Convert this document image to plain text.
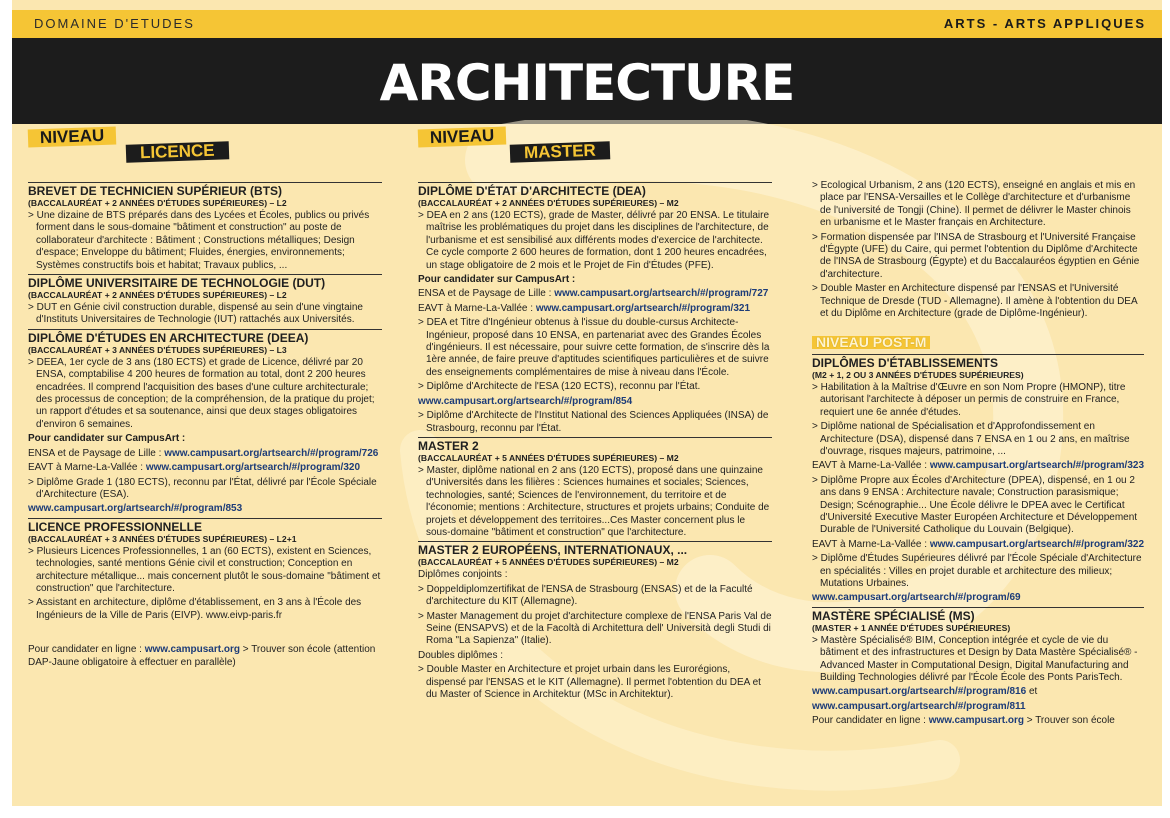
DOMAINE D'ETUDES	ARTS - ARTS APPLIQUES
ARCHITECTURE
NIVEAU
LICENCE
BREVET DE TECHNICIEN SUPÉRIEUR (BTS)
(BACCALAURÉAT + 2 ANNÉES D'ÉTUDES SUPÉRIEURES) – L2
> Une dizaine de BTS préparés dans des Lycées et Écoles, publics ou privés forment dans le sous-domaine "bâtiment et construction" au poste de collaborateur d'architecte : Bâtiment ; Constructions métalliques; Design d'espace; Enveloppe du bâtiment; Fluides, énergies, environnements; Systèmes constructifs bois et habitat; Travaux publics, ...
DIPLÔME UNIVERSITAIRE DE TECHNOLOGIE (DUT)
(BACCALAURÉAT + 2 ANNÉES D'ÉTUDES SUPÉRIEURES) – L2
> DUT en Génie civil construction durable, dispensé au sein d'une vingtaine d'Instituts Universitaires de Technologie (IUT) rattachés aux Universités.
DIPLÔME D'ÉTUDES EN ARCHITECTURE (DEEA)
(BACCALAURÉAT + 3 ANNÉES D'ÉTUDES SUPÉRIEURES) – L3
> DEEA, 1er cycle de 3 ans (180 ECTS) et grade de Licence, délivré par 20 ENSA, comptabilise 4 200 heures de formation au total, dont 2 200 heures encadrées. Il comprend l'acquisition des bases d'une culture architecturale; des processus de conception; de la compréhension, de la pratique du projet; un rapport d'études et sa soutenance, ainsi que deux stages obligatoires d'environ 6 semaines.
Pour candidater sur CampusArt :
ENSA et de Paysage de Lille : www.campusart.org/artsearch/#/program/726
EAVT à Marne-La-Vallée : www.campusart.org/artsearch/#/program/320
> Diplôme Grade 1 (180 ECTS), reconnu par l'État, délivré par l'École Spéciale d'Architecture (ESA).
www.campusart.org/artsearch/#/program/853
LICENCE PROFESSIONNELLE
(BACCALAURÉAT + 3 ANNÉES D'ÉTUDES SUPÉRIEURES) – L2+1
> Plusieurs Licences Professionnelles, 1 an (60 ECTS), existent en Sciences, technologies, santé mentions Génie civil et construction; Conception en architecture métallique... mais concernent plutôt le sous-domaine "bâtiment et construction" que l'architecture.
> Assistant en architecture, diplôme d'établissement, en 3 ans à l'École des Ingénieurs de la Ville de Paris (EIVP). www.eivp-paris.fr
Pour candidater en ligne : www.campusart.org > Trouver son école (attention DAP-Jaune obligatoire à effectuer en parallèle)
NIVEAU
MASTER
DIPLÔME D'ÉTAT D'ARCHITECTE (DEA)
(BACCALAURÉAT + 2 ANNÉES D'ÉTUDES SUPÉRIEURES) – M2
> DEA en 2 ans (120 ECTS), grade de Master, délivré par 20 ENSA. Le titulaire maîtrise les problématiques du projet dans les disciplines de l'architecture, de l'urbanisme et est sensibilisé aux différents modes d'exercice de l'architecte. Ce cycle comporte 2 600 heures de formation, dont 1 200 heures encadrées, un stage obligatoire de 2 mois et le Projet de Fin d'Études (PFE).
Pour candidater sur CampusArt :
ENSA et de Paysage de Lille : www.campusart.org/artsearch/#/program/727
EAVT à Marne-La-Vallée : www.campusart.org/artsearch/#/program/321
> DEA et Titre d'Ingénieur obtenus à l'issue du double-cursus Architecte-Ingénieur, proposé dans 10 ENSA, en partenariat avec des Grandes Écoles d'ingénieurs. Il est nécessaire, pour suivre cette formation, de s'inscrire dès la 1ère année, de faire preuve d'aptitudes scientifiques particulières et de suivre des enseignements complémentaires de mise à niveau dans l'École.
> Diplôme d'Architecte de l'ESA (120 ECTS), reconnu par l'État.
www.campusart.org/artsearch/#/program/854
> Diplôme d'Architecte de l'Institut National des Sciences Appliquées (INSA) de Strasbourg, reconnu par l'État.
MASTER 2
(BACCALAURÉAT + 5 ANNÉES D'ÉTUDES SUPÉRIEURES) – M2
> Master, diplôme national en 2 ans (120 ECTS), proposé dans une quinzaine d'Universités dans les filières : Sciences humaines et sociales; Sciences, technologies, santé; Sciences de l'environnement, du territoire et de l'économie; mentions : Architecture, structures et projets urbains; Conduite de projets et développement des territoires...Ces Master concernent plus le sous-domaine "bâtiment et construction" que l'architecture.
MASTER 2 EUROPÉENS, INTERNATIONAUX, ...
(BACCALAURÉAT + 5 ANNÉES D'ÉTUDES SUPÉRIEURES) – M2
Diplômes conjoints :
> Doppeldiplomzertifikat de l'ENSA de Strasbourg (ENSAS) et de la Faculté d'architecture du KIT (Allemagne).
> Master Management du projet d'architecture complexe de l'ENSA Paris Val de Seine (ENSAPVS) et de la Facoltà di Architettura dell' Università degli Studi di Roma "La Sapienza" (Italie).
Doubles diplômes :
> Double Master en Architecture et projet urbain dans les Eurorégions, dispensé par l'ENSAS et le KIT (Allemagne). Il permet l'obtention du DEA et du Master of Science in Architektur (MSc in Architektur).
> Ecological Urbanism, 2 ans (120 ECTS), enseigné en anglais et mis en place par l'ENSA-Versailles et le Collège d'architecture et d'urbanisme de l'université de Tongji (Chine). Il permet de délivrer le Master chinois en urbanisme et le Master français en Architecture.
> Formation dispensée par l'INSA de Strasbourg et l'Université Française d'Égypte (UFE) du Caire, qui permet l'obtention du Diplôme d'Architecte de l'INSA de Strasbourg (Égypte) et du Baccalauréos égyptien en Génie d'architecture.
> Double Master en Architecture dispensé par l'ENSAS et l'Université Technique de Dresde (TUD - Allemagne). Il amène à l'obtention du DEA et du Diplôme en Architecture (grade de Diplôme-Ingénieur).
NIVEAU POST-M
DIPLÔMES D'ÉTABLISSEMENTS
(M2 + 1, 2 OU 3 ANNÉES D'ÉTUDES SUPÉRIEURES)
> Habilitation à la Maîtrise d'Œuvre en son Nom Propre (HMONP), titre autorisant l'architecte à déposer un permis de construire en France, requiert une 6e année d'études.
> Diplôme national de Spécialisation et d'Approfondissement en Architecture (DSA), dispensé dans 7 ENSA en 1 ou 2 ans, en maîtrise d'ouvrage, risques majeurs, patrimoine, ...
EAVT à Marne-La-Vallée : www.campusart.org/artsearch/#/program/323
> Diplôme Propre aux Écoles d'Architecture (DPEA), dispensé, en 1 ou 2 ans dans 9 ENSA : Architecture navale; Construction parasismique; Design; Scénographie... Une École délivre le DPEA avec le Certificat d'Université Executive Master Européen Architecture et Développement Durable de l'Université Catholique du Louvain (Belgique).
EAVT à Marne-La-Vallée : www.campusart.org/artsearch/#/program/322
> Diplôme d'Études Supérieures délivré par l'École Spéciale d'Architecture en spécialités : Villes en projet durable et architecture des milieux; Mutations Urbaines.
www.campusart.org/artsearch/#/program/69
MASTÈRE SPÉCIALISÉ (MS)
(MASTER + 1 ANNÉE D'ÉTUDES SUPÉRIEURES)
> Mastère Spécialisé® BIM, Conception intégrée et cycle de vie du bâtiment et des infrastructures et Design by Data Mastère Spécialisé® - Advanced Master in Computational Design, Digital Manufacturing and Building Technologies délivré par l'École École des Ponts ParisTech.
www.campusart.org/artsearch/#/program/816 et
www.campusart.org/artsearch/#/program/811
Pour candidater en ligne : www.campusart.org > Trouver son école
